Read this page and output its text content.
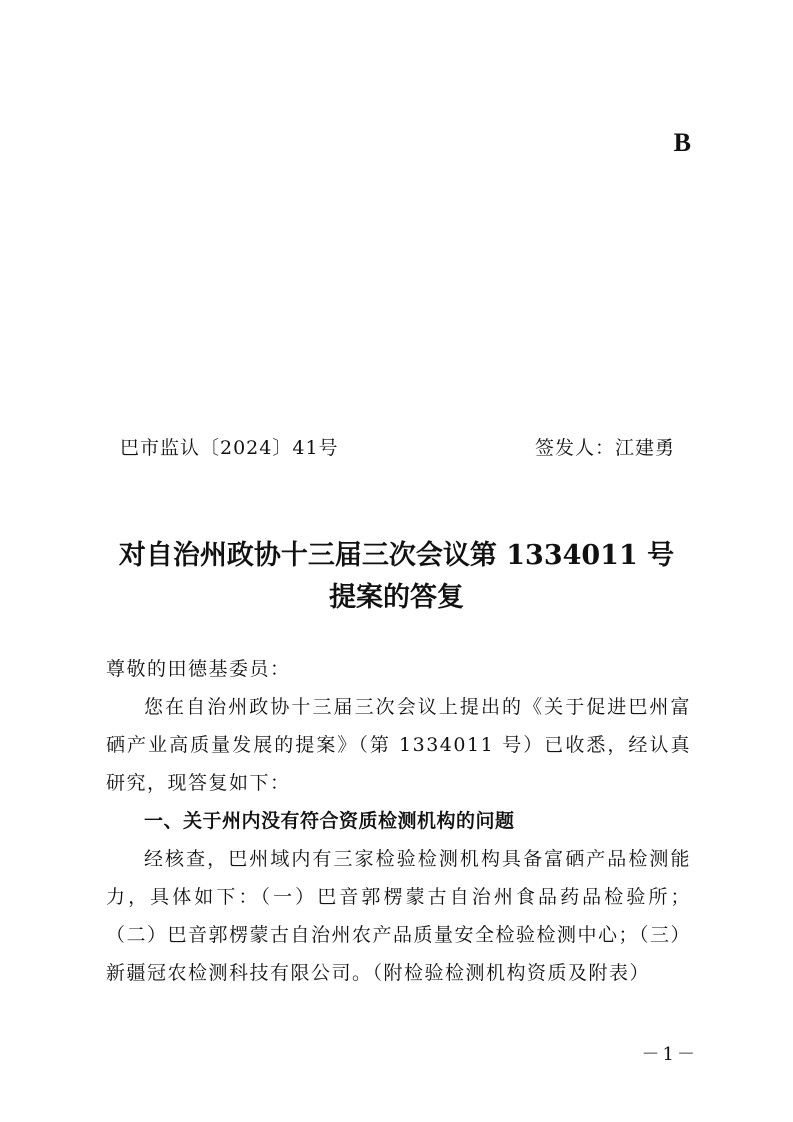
B
巴市监认〔2024〕41号	签发人：江建勇
对自治州政协十三届三次会议第 1334011 号
提案的答复

尊敬的田德基委员：

您在自治州政协十三届三次会议上提出的《关于促进巴州富硒产业高质量发展的提案》（第 1334011 号）已收悉，经认真研究，现答复如下：

一、关于州内没有符合资质检测机构的问题

经核查，巴州域内有三家检验检测机构具备富硒产品检测能力，具体如下：（一）巴音郭楞蒙古自治州食品药品检验所；（二）巴音郭楞蒙古自治州农产品质量安全检验检测中心；（三）新疆冠农检测科技有限公司。（附检验检测机构资质及附表）

－1－
